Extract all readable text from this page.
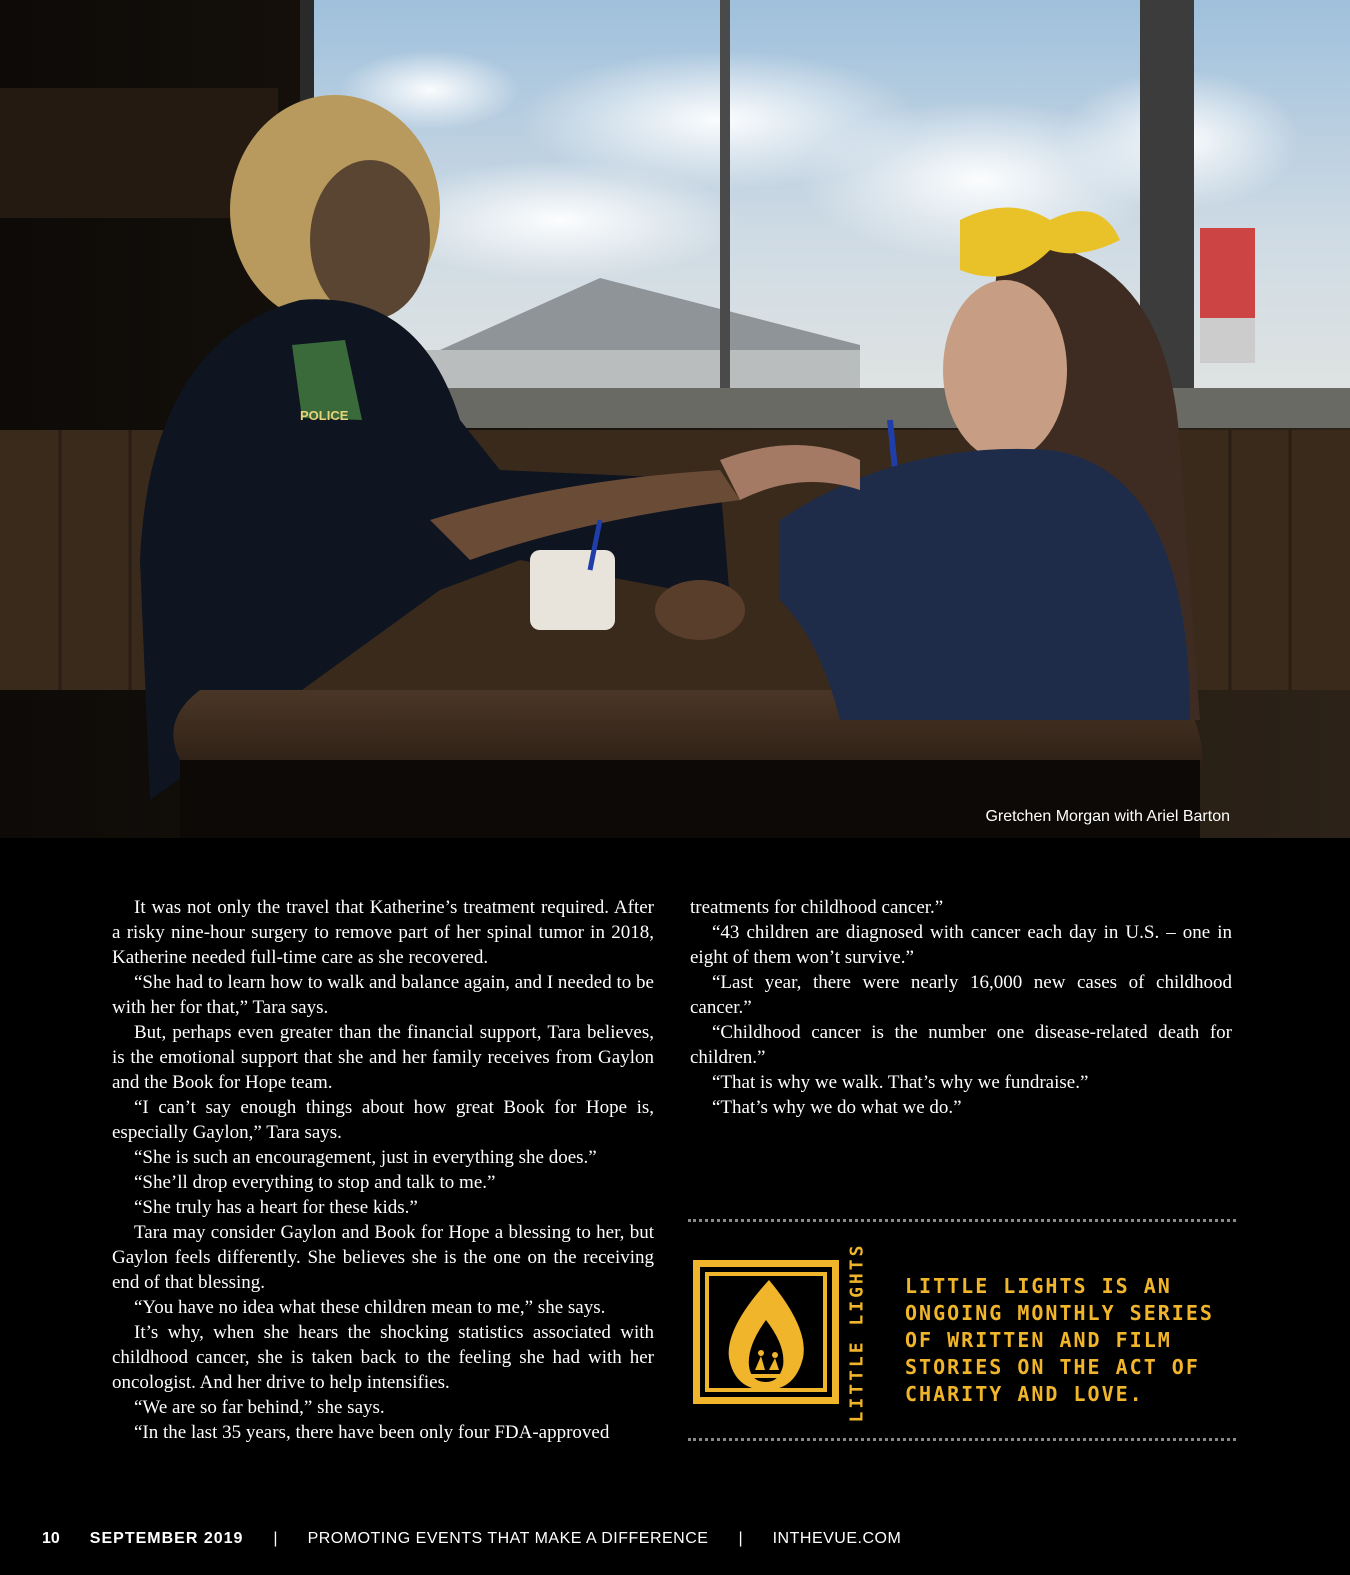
POLICE
Gretchen Morgan with Ariel Barton

It was not only the travel that Katherine’s treatment required. After a risky nine-hour surgery to remove part of her spinal tumor in 2018, Katherine needed full-time care as she recovered.

“She had to learn how to walk and balance again, and I needed to be with her for that,” Tara says.

But, perhaps even greater than the financial support, Tara believes, is the emotional support that she and her family receives from Gaylon and the Book for Hope team.

“I can’t say enough things about how great Book for Hope is, especially Gaylon,” Tara says.

“She is such an encouragement, just in everything she does.”

“She’ll drop everything to stop and talk to me.”

“She truly has a heart for these kids.”

Tara may consider Gaylon and Book for Hope a blessing to her, but Gaylon feels differently. She believes she is the one on the receiving end of that blessing.

“You have no idea what these children mean to me,” she says.

It’s why, when she hears the shocking statistics associated with childhood cancer, she is taken back to the feeling she had with her oncologist. And her drive to help intensifies.

“We are so far behind,” she says.

“In the last 35 years, there have been only four FDA-approved

treatments for childhood cancer.”

“43 children are diagnosed with cancer each day in U.S. – one in eight of them won’t survive.”

“Last year, there were nearly 16,000 new cases of childhood cancer.”

“Childhood cancer is the number one disease-related death for children.”

“That is why we walk. That’s why we fundraise.”

“That’s why we do what we do.”

LITTLE LIGHTS LITTLE LIGHTS IS AN ONGOING MONTHLY SERIES OF WRITTEN AND FILM STORIES ON THE ACT OF CHARITY AND LOVE.
10 SEPTEMBER 2019 | PROMOTING EVENTS THAT MAKE A DIFFERENCE | INTHEVUE.COM
